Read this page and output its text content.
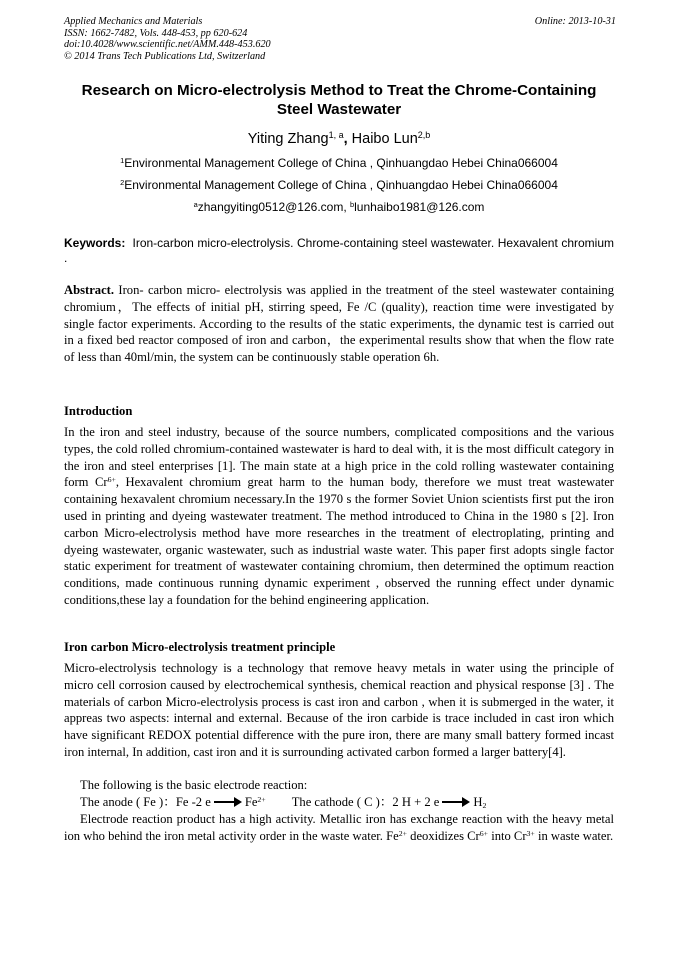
Applied Mechanics and Materials	Online: 2013-10-31
ISSN: 1662-7482, Vols. 448-453, pp 620-624
doi:10.4028/www.scientific.net/AMM.448-453.620
© 2014 Trans Tech Publications Ltd, Switzerland
Research on Micro-electrolysis Method to Treat the Chrome-Containing
Steel Wastewater
Yiting Zhang$^{1, a}$, Haibo Lun$^{2,b}$
$^1$Environmental Management College of China , Qinhuangdao Hebei China066004
$^2$Environmental Management College of China , Qinhuangdao Hebei China066004
$^a$zhangyiting0512@126.com, $^b$lunhaibo1981@126.com
Keywords: Iron-carbon micro-electrolysis. Chrome-containing steel wastewater. Hexavalent chromium .
Abstract. Iron- carbon micro- electrolysis was applied in the treatment of the steel wastewater containing chromium，The effects of initial pH, stirring speed, Fe /C (quality), reaction time were investigated by single factor experiments. According to the results of the static experiments, the dynamic test is carried out in a fixed bed reactor composed of iron and carbon，the experimental results show that when the flow rate of less than 40ml/min, the system can be continuously stable operation 6h.
Introduction
In the iron and steel industry, because of the source numbers, complicated compositions and the various types, the cold rolled chromium-contained wastewater is hard to deal with, it is the most difficult category in the iron and steel enterprises [1]. The main state at a high price in the cold rolling wastewater containing form $Cr^{6+}$, Hexavalent chromium great harm to the human body, therefore we must treat wastewater containing hexavalent chromium necessary.In the 1970 s the former Soviet Union scientists first put the iron used in printing and dyeing wastewater treatment. The method introduced to China in the 1980 s [2]. Iron carbon Micro-electrolysis method have more researches in the treatment of electroplating, printing and dyeing wastewater, organic wastewater, such as industrial waste water. This paper first adopts single factor static experiment for treatment of wastewater containing chromium, then determined the optimum reaction conditions, made continuous running dynamic experiment , observed the running effect under dynamic conditions,these lay a foundation for the behind engineering application.
Iron carbon Micro-electrolysis treatment principle
Micro-electrolysis technology is a technology that remove heavy metals in water using the principle of micro cell corrosion caused by electrochemical synthesis, chemical reaction and physical response [3] . The materials of carbon Micro-electrolysis process is cast iron and carbon , when it is submerged in the water, it appreas two aspects: internal and external. Because of the iron carbide is trace included in cast iron which have significant REDOX potential difference with the pure iron, there are many small battery formed incast iron internal, In addition, cast iron and it is surrounding activated carbon formed a larger battery[4].
The following is the basic electrode reaction:
The anode ( Fe )：Fe -2 e	$Fe^{2+}$ The cathode ( C )：2 H + 2 e	$H_2$
Electrode reaction product has a high activity. Metallic iron has exchange reaction with the heavy metal ion who behind the iron metal activity order in the waste water. $Fe^{2+}$ deoxidizes $Cr^{6+}$ into $Cr^{3+}$ in waste water.
